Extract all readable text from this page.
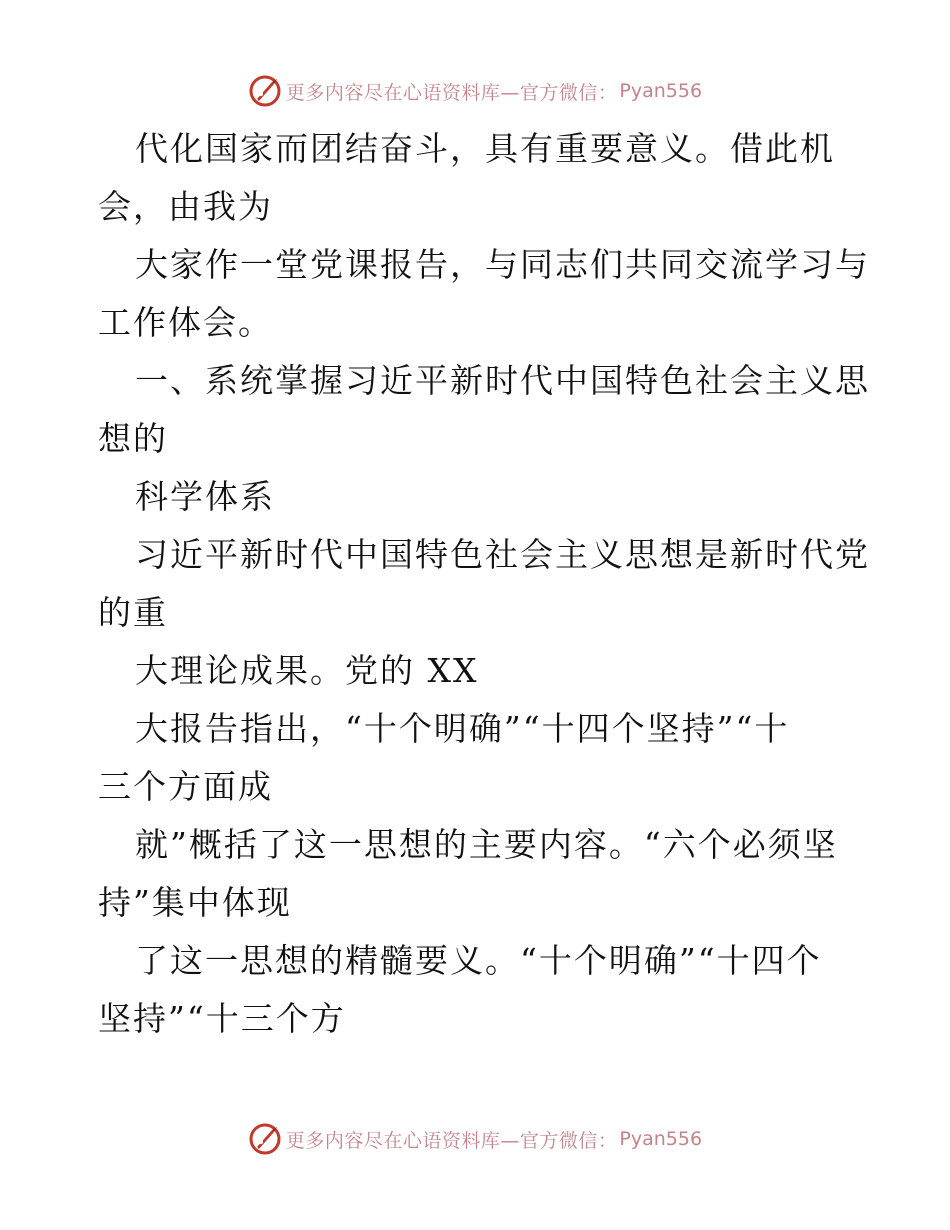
更多内容尽在心语资料库—官方微信： Pyan556
代化国家而团结奋斗，具有重要意义。借此机
会，由我为
大家作一堂党课报告，与同志们共同交流学习与
工作体会。
一、系统掌握习近平新时代中国特色社会主义思
想的
科学体系
习近平新时代中国特色社会主义思想是新时代党
的重
大理论成果。党的 XX
大报告指出，“十个明确”“十四个坚持”“十
三个方面成
就”概括了这一思想的主要内容。“六个必须坚
持”集中体现
了这一思想的精髓要义。“十个明确”“十四个
坚持”“十三个方
更多内容尽在心语资料库—官方微信： Pyan556
